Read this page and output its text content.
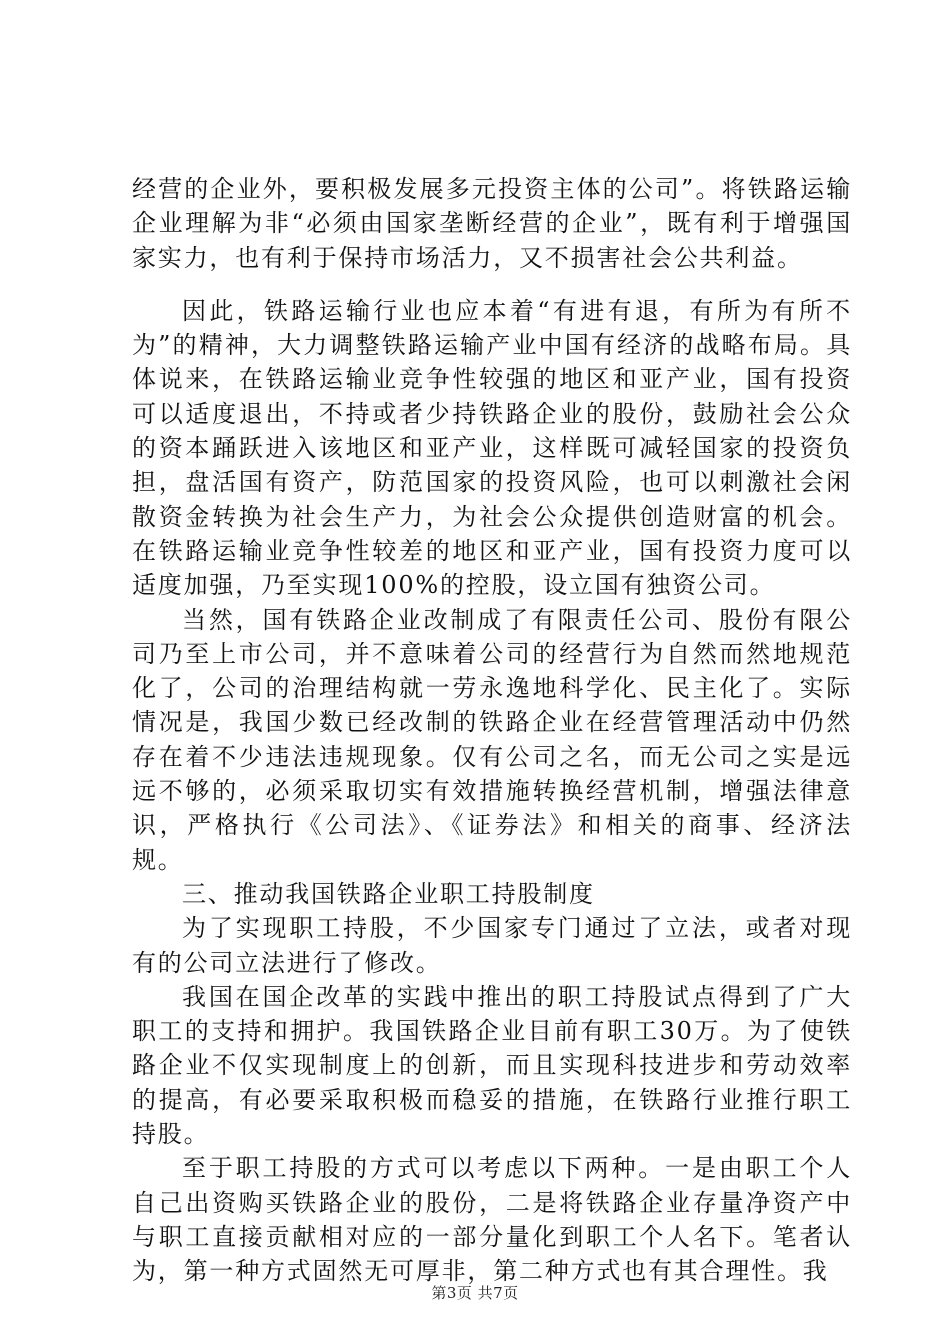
经营的企业外，要积极发展多元投资主体的公司”。将铁路运输企业理解为非“必须由国家垄断经营的企业”，既有利于增强国家实力，也有利于保持市场活力，又不损害社会公共利益。

因此，铁路运输行业也应本着“有进有退，有所为有所不为”的精神，大力调整铁路运输产业中国有经济的战略布局。具体说来，在铁路运输业竞争性较强的地区和亚产业，国有投资可以适度退出，不持或者少持铁路企业的股份，鼓励社会公众的资本踊跃进入该地区和亚产业，这样既可减轻国家的投资负担，盘活国有资产，防范国家的投资风险，也可以刺激社会闲散资金转换为社会生产力，为社会公众提供创造财富的机会。在铁路运输业竞争性较差的地区和亚产业，国有投资力度可以适度加强，乃至实现100%的控股，设立国有独资公司。

当然，国有铁路企业改制成了有限责任公司、股份有限公司乃至上市公司，并不意味着公司的经营行为自然而然地规范化了，公司的治理结构就一劳永逸地科学化、民主化了。实际情况是，我国少数已经改制的铁路企业在经营管理活动中仍然存在着不少违法违规现象。仅有公司之名，而无公司之实是远远不够的，必须采取切实有效措施转换经营机制，增强法律意识，严格执行《公司法》、《证券法》和相关的商事、经济法规。

三、推动我国铁路企业职工持股制度

为了实现职工持股，不少国家专门通过了立法，或者对现有的公司立法进行了修改。

我国在国企改革的实践中推出的职工持股试点得到了广大职工的支持和拥护。我国铁路企业目前有职工30万。为了使铁路企业不仅实现制度上的创新，而且实现科技进步和劳动效率的提高，有必要采取积极而稳妥的措施，在铁路行业推行职工持股。

至于职工持股的方式可以考虑以下两种。一是由职工个人自己出资购买铁路企业的股份，二是将铁路企业存量净资产中与职工直接贡献相对应的一部分量化到职工个人名下。笔者认为，第一种方式固然无可厚非，第二种方式也有其合理性。我

第3页 共7页
